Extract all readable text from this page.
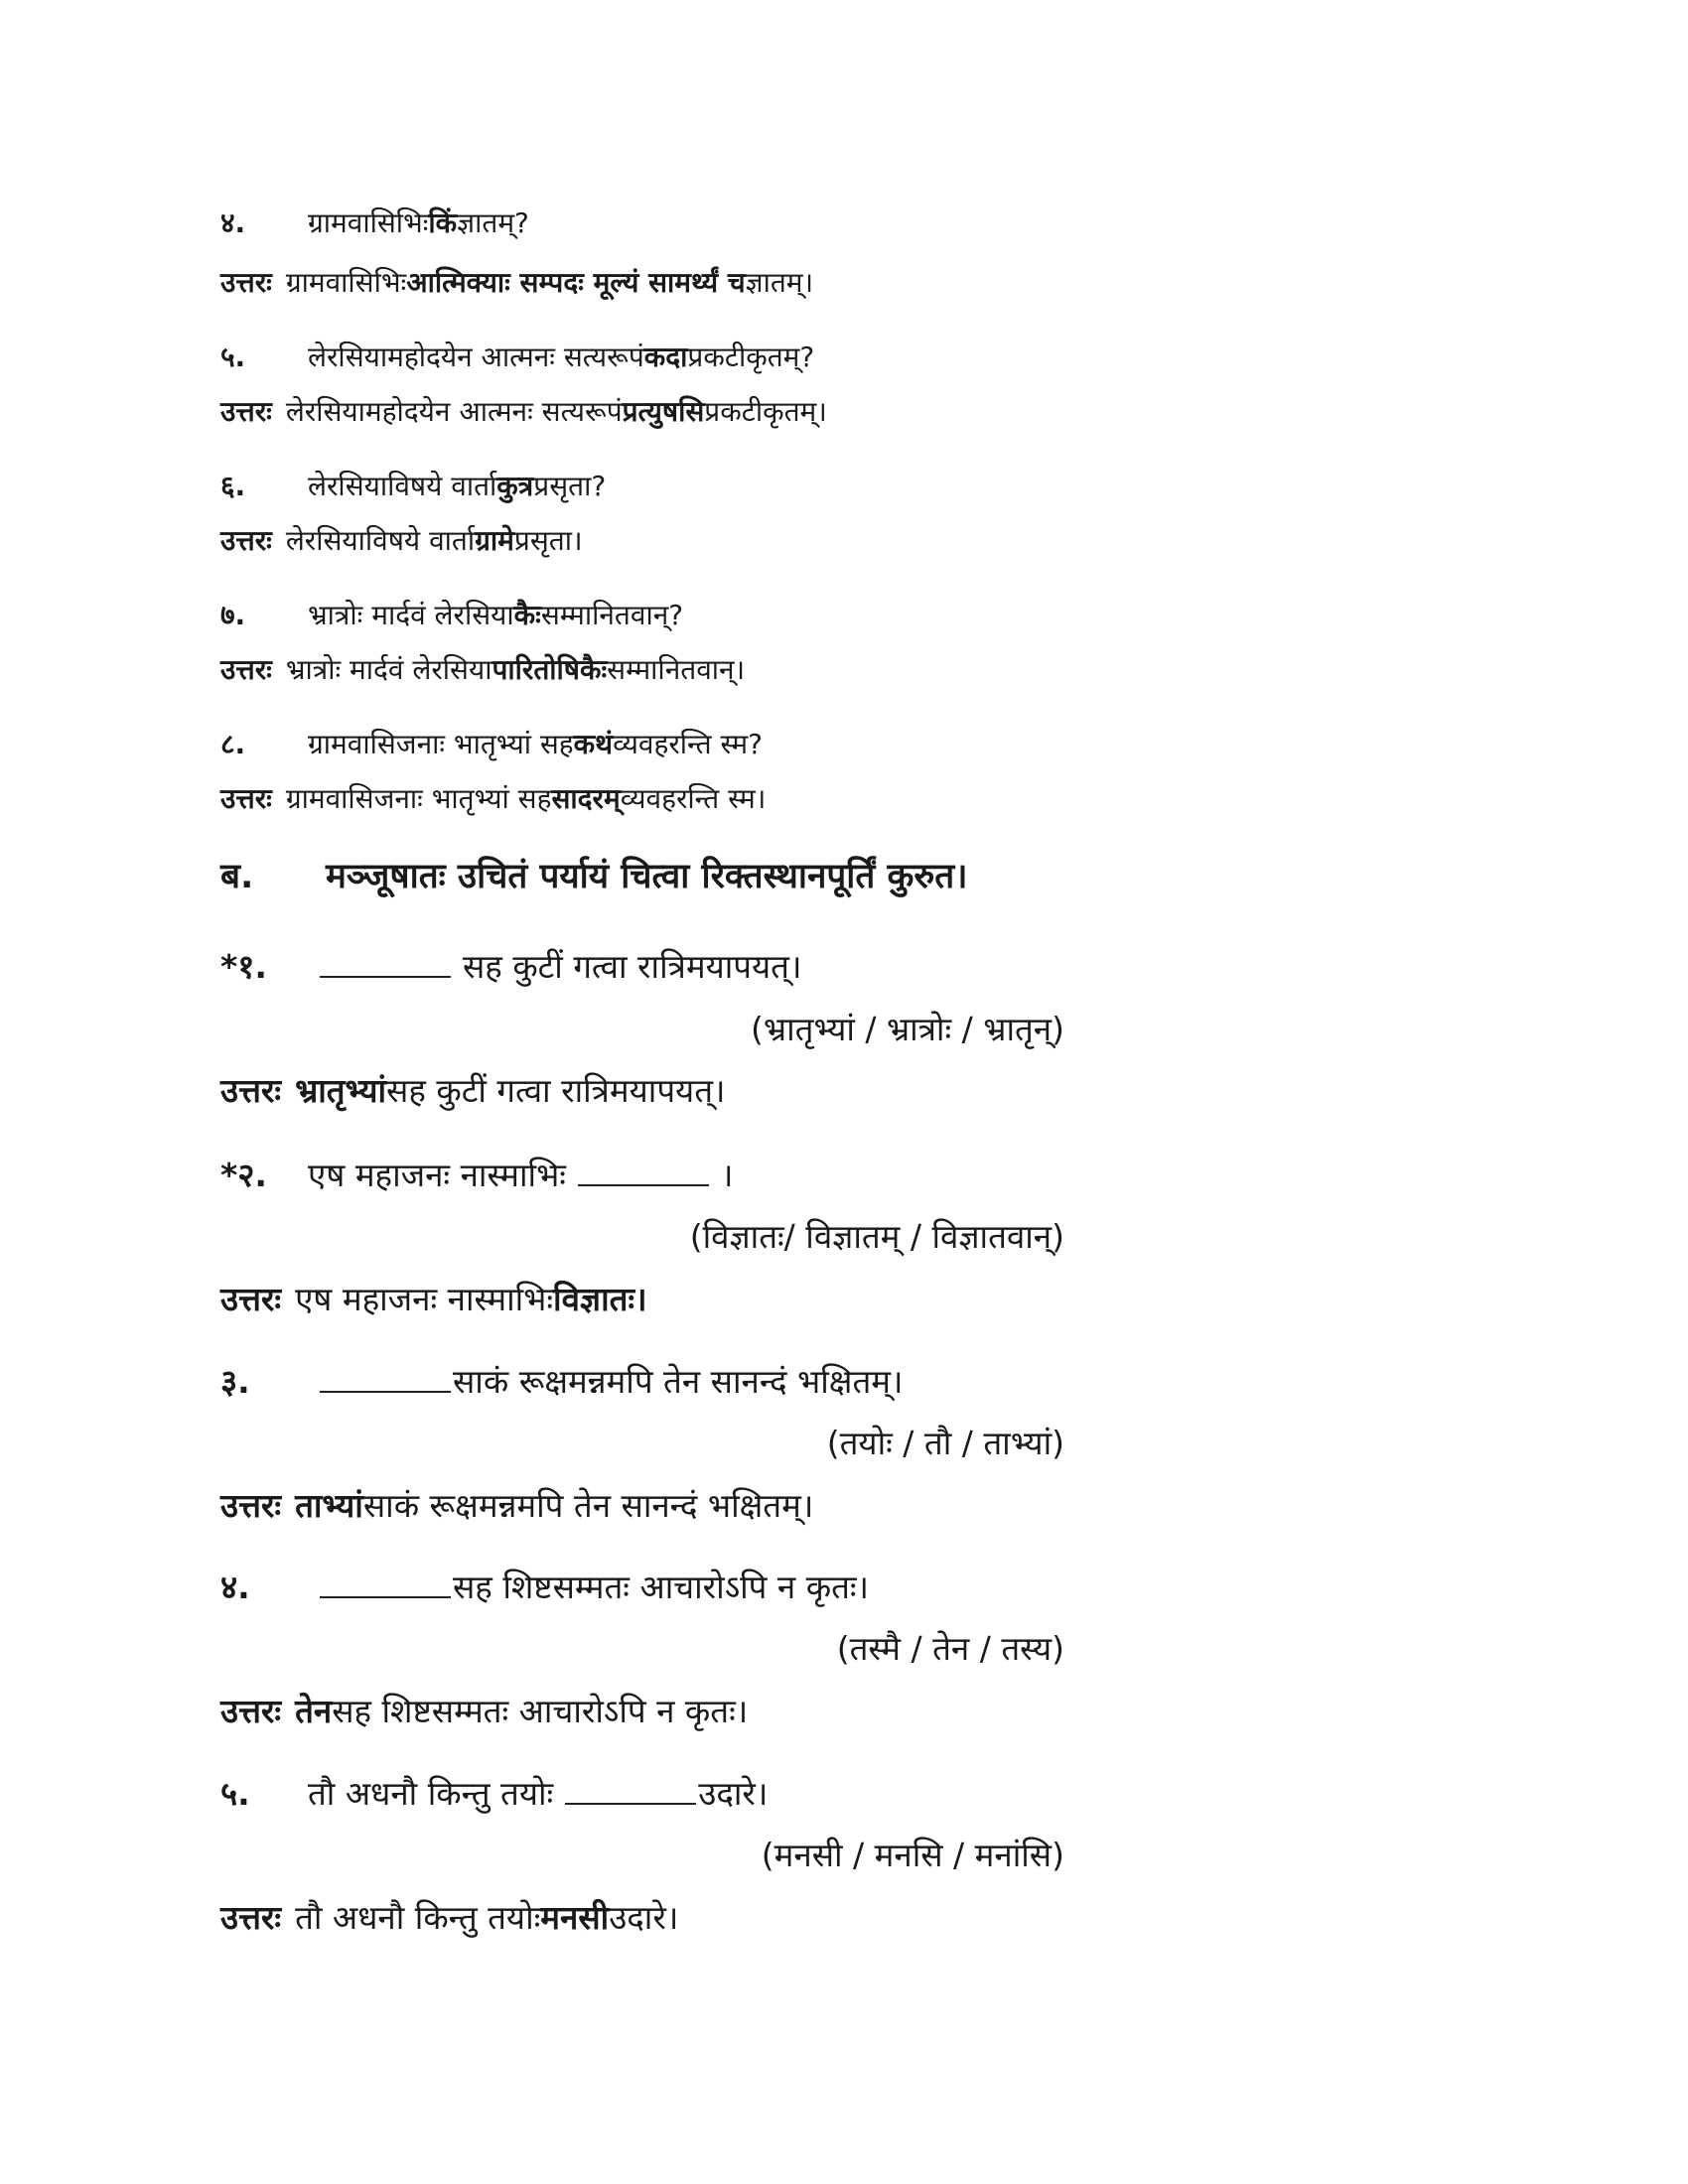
४.	ग्रामवासिभिः किं ज्ञातम्?
उत्तरः ग्रामवासिभिः आत्मिक्याः सम्पदः मूल्यं सामर्थ्यं च ज्ञातम्।
५.	लेरसियामहोदयेन आत्मनः सत्यरूपं कदा प्रकटीकृतम्?
उत्तरः लेरसियामहोदयेन आत्मनः सत्यरूपं प्रत्युषसि प्रकटीकृतम्।
६.	लेरसियाविषये वार्ता कुत्र प्रसृता?
उत्तरः लेरसियाविषये वार्ता ग्रामे प्रसृता।
७.	भ्रात्रोः मार्दवं लेरसिया कैः सम्मानितवान्?
उत्तरः भ्रात्रोः मार्दवं लेरसिया पारितोषिकैः सम्मानितवान्।
८.	ग्रामवासिजनाः भातृभ्यां सह कथं व्यवहरन्ति स्म?
उत्तरः ग्रामवासिजनाः भातृभ्यां सह सादरम् व्यवहरन्ति स्म।
ब.	मञ्जूषातः उचितं पर्यायं चित्वा रिक्तस्थानपूर्तिं कुरुत।
*१.	सह कुटीं गत्वा रात्रिमयापयत्।
(भ्रातृभ्यां / भ्रात्रोः / भ्रातृन्)
उत्तरः भ्रातृभ्यां सह कुटीं गत्वा रात्रिमयापयत्।
*२.	एष महाजनः नास्माभिः	।
(विज्ञातः/ विज्ञातम् / विज्ञातवान्)
उत्तरः एष महाजनः नास्माभिः विज्ञातः।
३.	साकं रूक्षमन्नमपि तेन सानन्दं भक्षितम्।
(तयोः / तौ / ताभ्यां)
उत्तरः ताभ्यां साकं रूक्षमन्नमपि तेन सानन्दं भक्षितम्।
४.	सह शिष्टसम्मतः आचारोऽपि न कृतः।
(तस्मै / तेन / तस्य)
उत्तरः तेन सह शिष्टसम्मतः आचारोऽपि न कृतः।
५.	तौ अधनौ किन्तु तयोः	उदारे।
(मनसी / मनसि / मनांसि)
उत्तरः तौ अधनौ किन्तु तयोः मनसी उदारे।
